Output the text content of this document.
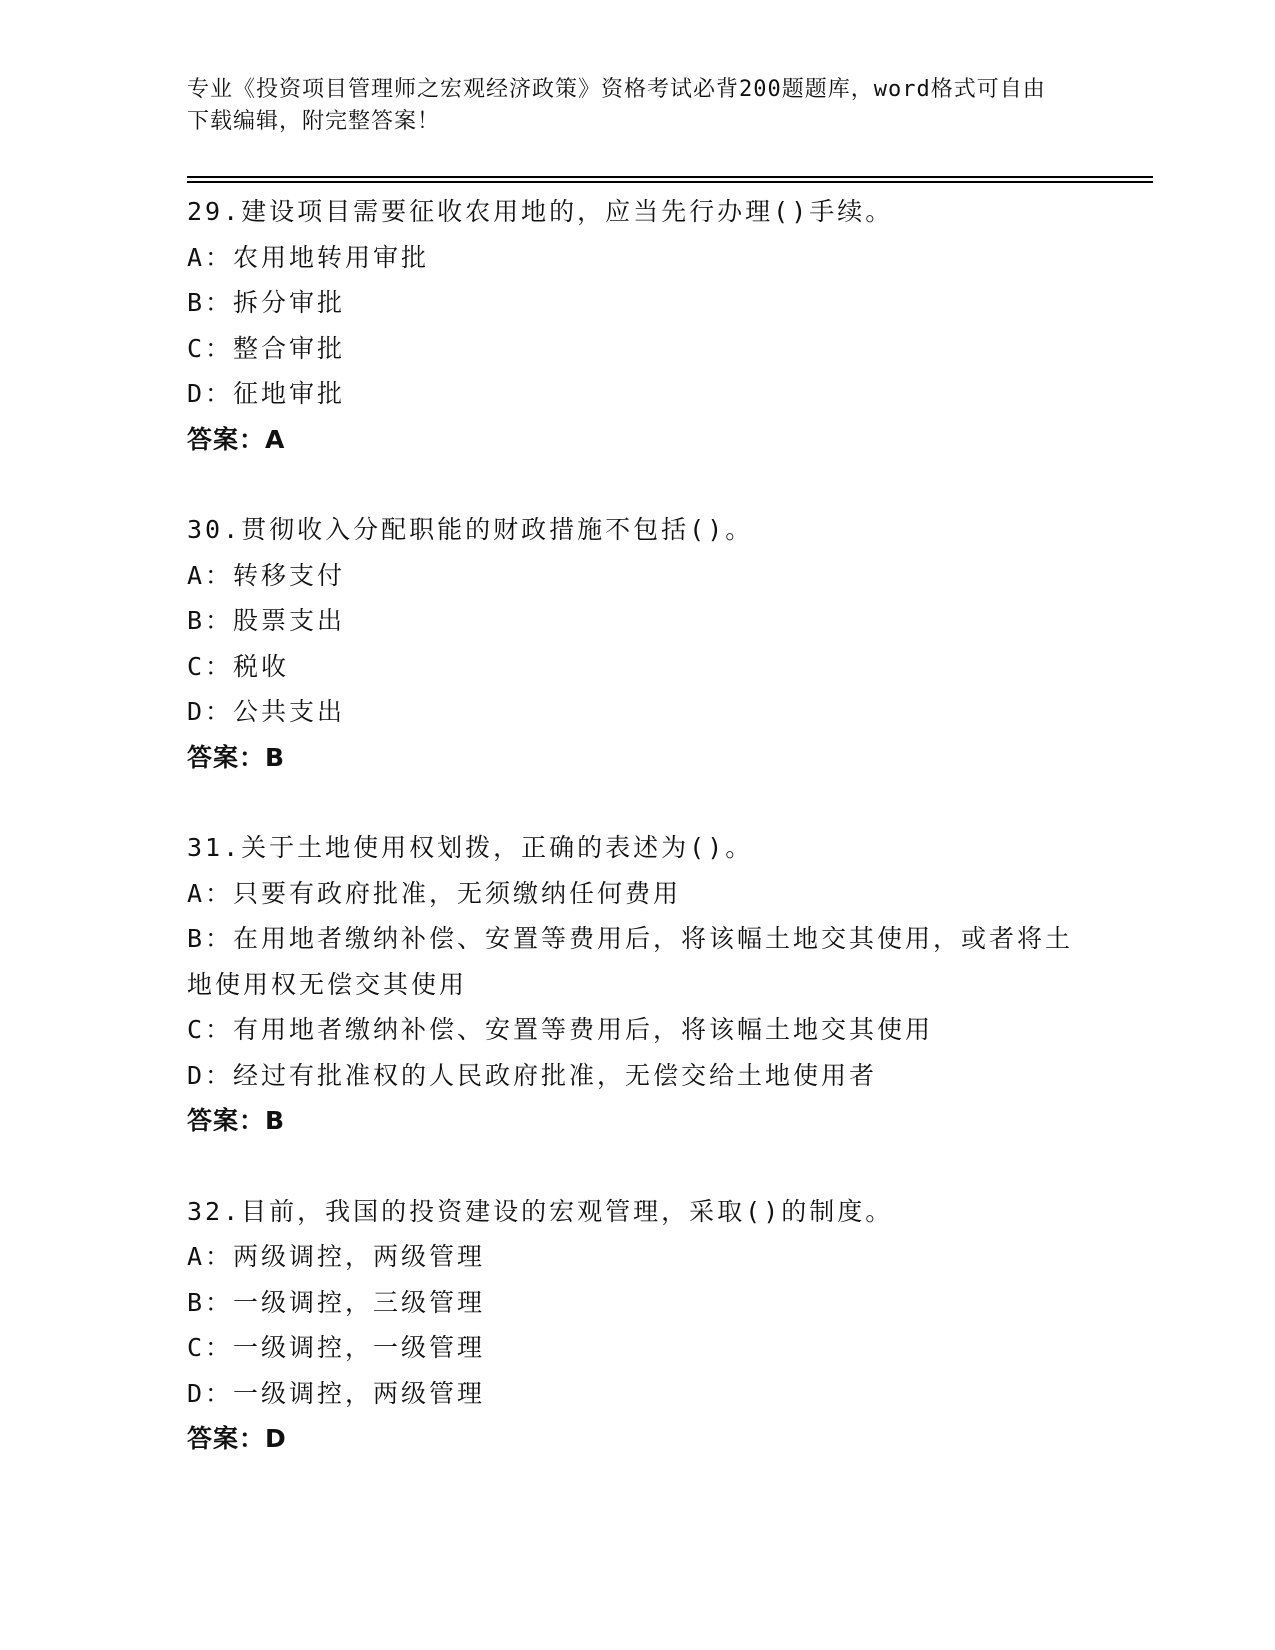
专业《投资项目管理师之宏观经济政策》资格考试必背200题题库，word格式可自由下载编辑，附完整答案！

29.建设项目需要征收农用地的，应当先行办理()手续。

A：农用地转用审批

B：拆分审批

C：整合审批

D：征地审批

答案：A

30.贯彻收入分配职能的财政措施不包括()。

A：转移支付

B：股票支出

C：税收

D：公共支出

答案：B

31.关于土地使用权划拨，正确的表述为()。

A：只要有政府批准，无须缴纳任何费用

B：在用地者缴纳补偿、安置等费用后，将该幅土地交其使用，或者将土地使用权无偿交其使用

C：有用地者缴纳补偿、安置等费用后，将该幅土地交其使用

D：经过有批准权的人民政府批准，无偿交给土地使用者

答案：B

32.目前，我国的投资建设的宏观管理，采取()的制度。

A：两级调控，两级管理

B：一级调控，三级管理

C：一级调控，一级管理

D：一级调控，两级管理

答案：D
